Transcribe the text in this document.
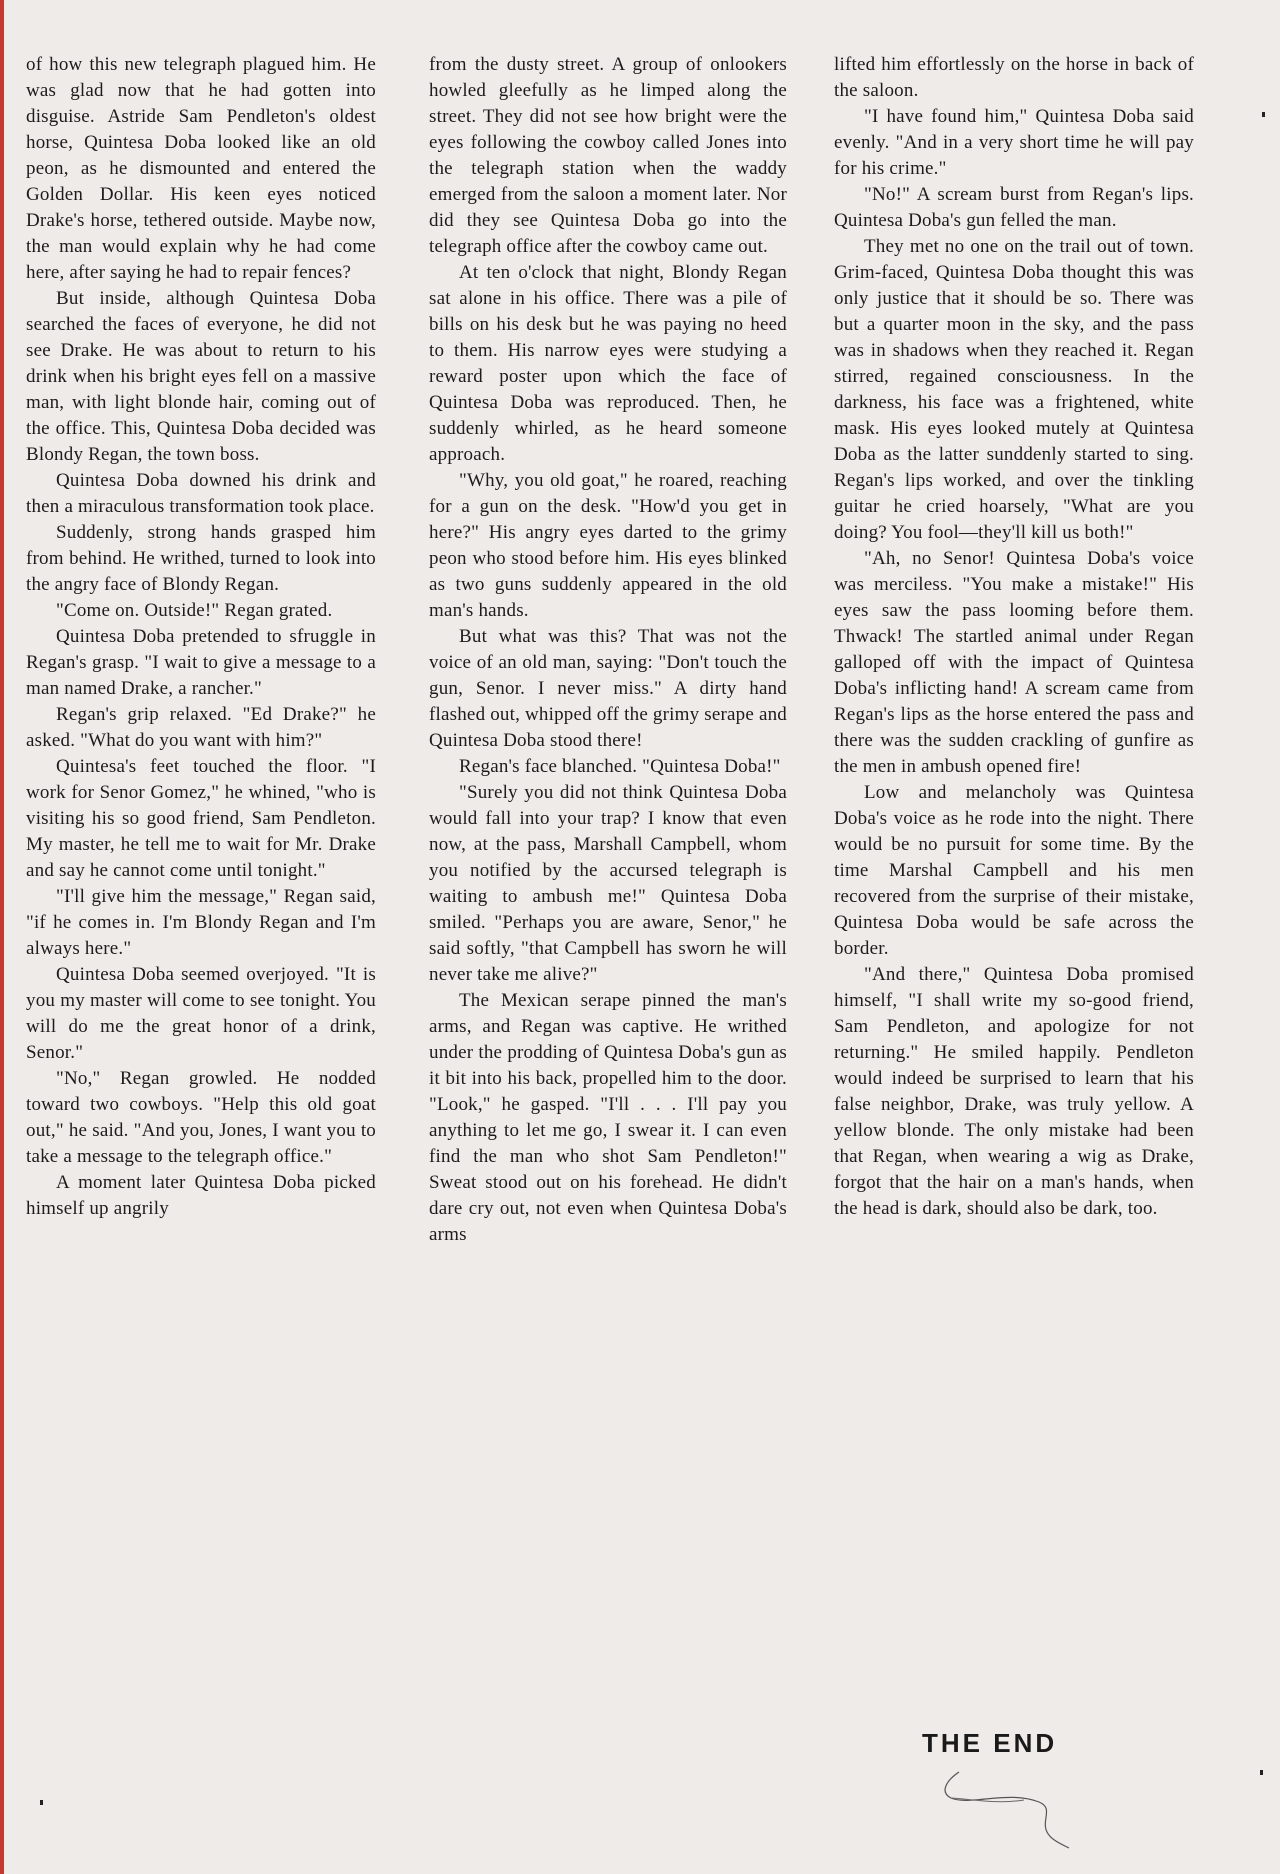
of how this new telegraph plagued him. He was glad now that he had gotten into disguise. Astride Sam Pendleton's oldest horse, Quintesa Doba looked like an old peon, as he dismounted and entered the Golden Dollar. His keen eyes noticed Drake's horse, tethered outside. Maybe now, the man would explain why he had come here, after saying he had to repair fences?

But inside, although Quintesa Doba searched the faces of everyone, he did not see Drake. He was about to return to his drink when his bright eyes fell on a massive man, with light blonde hair, coming out of the office. This, Quintesa Doba decided was Blondy Regan, the town boss.

Quintesa Doba downed his drink and then a miraculous transformation took place.

Suddenly, strong hands grasped him from behind. He writhed, turned to look into the angry face of Blondy Regan.

"Come on. Outside!" Regan grated.

Quintesa Doba pretended to sfruggle in Regan's grasp. "I wait to give a message to a man named Drake, a rancher."

Regan's grip relaxed. "Ed Drake?" he asked. "What do you want with him?"

Quintesa's feet touched the floor. "I work for Senor Gomez," he whined, "who is visiting his so good friend, Sam Pendleton. My master, he tell me to wait for Mr. Drake and say he cannot come until tonight."

"I'll give him the message," Regan said, "if he comes in. I'm Blondy Regan and I'm always here."

Quintesa Doba seemed overjoyed. "It is you my master will come to see tonight. You will do me the great honor of a drink, Senor."

"No," Regan growled. He nodded toward two cowboys. "Help this old goat out," he said. "And you, Jones, I want you to take a message to the telegraph office."

A moment later Quintesa Doba picked himself up angrily

from the dusty street. A group of onlookers howled gleefully as he limped along the street. They did not see how bright were the eyes following the cowboy called Jones into the telegraph station when the waddy emerged from the saloon a moment later. Nor did they see Quintesa Doba go into the telegraph office after the cowboy came out.

At ten o'clock that night, Blondy Regan sat alone in his office. There was a pile of bills on his desk but he was paying no heed to them. His narrow eyes were studying a reward poster upon which the face of Quintesa Doba was reproduced. Then, he suddenly whirled, as he heard someone approach.

"Why, you old goat," he roared, reaching for a gun on the desk. "How'd you get in here?" His angry eyes darted to the grimy peon who stood before him. His eyes blinked as two guns suddenly appeared in the old man's hands.

But what was this? That was not the voice of an old man, saying: "Don't touch the gun, Senor. I never miss." A dirty hand flashed out, whipped off the grimy serape and Quintesa Doba stood there!

Regan's face blanched. "Quintesa Doba!"

"Surely you did not think Quintesa Doba would fall into your trap? I know that even now, at the pass, Marshall Campbell, whom you notified by the accursed telegraph is waiting to ambush me!" Quintesa Doba smiled. "Perhaps you are aware, Senor," he said softly, "that Campbell has sworn he will never take me alive?"

The Mexican serape pinned the man's arms, and Regan was captive. He writhed under the prodding of Quintesa Doba's gun as it bit into his back, propelled him to the door. "Look," he gasped. "I'll . . . I'll pay you anything to let me go, I swear it. I can even find the man who shot Sam Pendleton!" Sweat stood out on his forehead. He didn't dare cry out, not even when Quintesa Doba's arms

lifted him effortlessly on the horse in back of the saloon.

"I have found him," Quintesa Doba said evenly. "And in a very short time he will pay for his crime."

"No!" A scream burst from Regan's lips. Quintesa Doba's gun felled the man.

They met no one on the trail out of town. Grim-faced, Quintesa Doba thought this was only justice that it should be so. There was but a quarter moon in the sky, and the pass was in shadows when they reached it. Regan stirred, regained consciousness. In the darkness, his face was a frightened, white mask. His eyes looked mutely at Quintesa Doba as the latter sunddenly started to sing. Regan's lips worked, and over the tinkling guitar he cried hoarsely, "What are you doing? You fool—they'll kill us both!"

"Ah, no Senor! Quintesa Doba's voice was merciless. "You make a mistake!" His eyes saw the pass looming before them. Thwack! The startled animal under Regan galloped off with the impact of Quintesa Doba's inflicting hand! A scream came from Regan's lips as the horse entered the pass and there was the sudden crackling of gunfire as the men in ambush opened fire!

Low and melancholy was Quintesa Doba's voice as he rode into the night. There would be no pursuit for some time. By the time Marshal Campbell and his men recovered from the surprise of their mistake, Quintesa Doba would be safe across the border.

"And there," Quintesa Doba promised himself, "I shall write my so-good friend, Sam Pendleton, and apologize for not returning." He smiled happily. Pendleton would indeed be surprised to learn that his false neighbor, Drake, was truly yellow. A yellow blonde. The only mistake had been that Regan, when wearing a wig as Drake, forgot that the hair on a man's hands, when the head is dark, should also be dark, too.

THE END
